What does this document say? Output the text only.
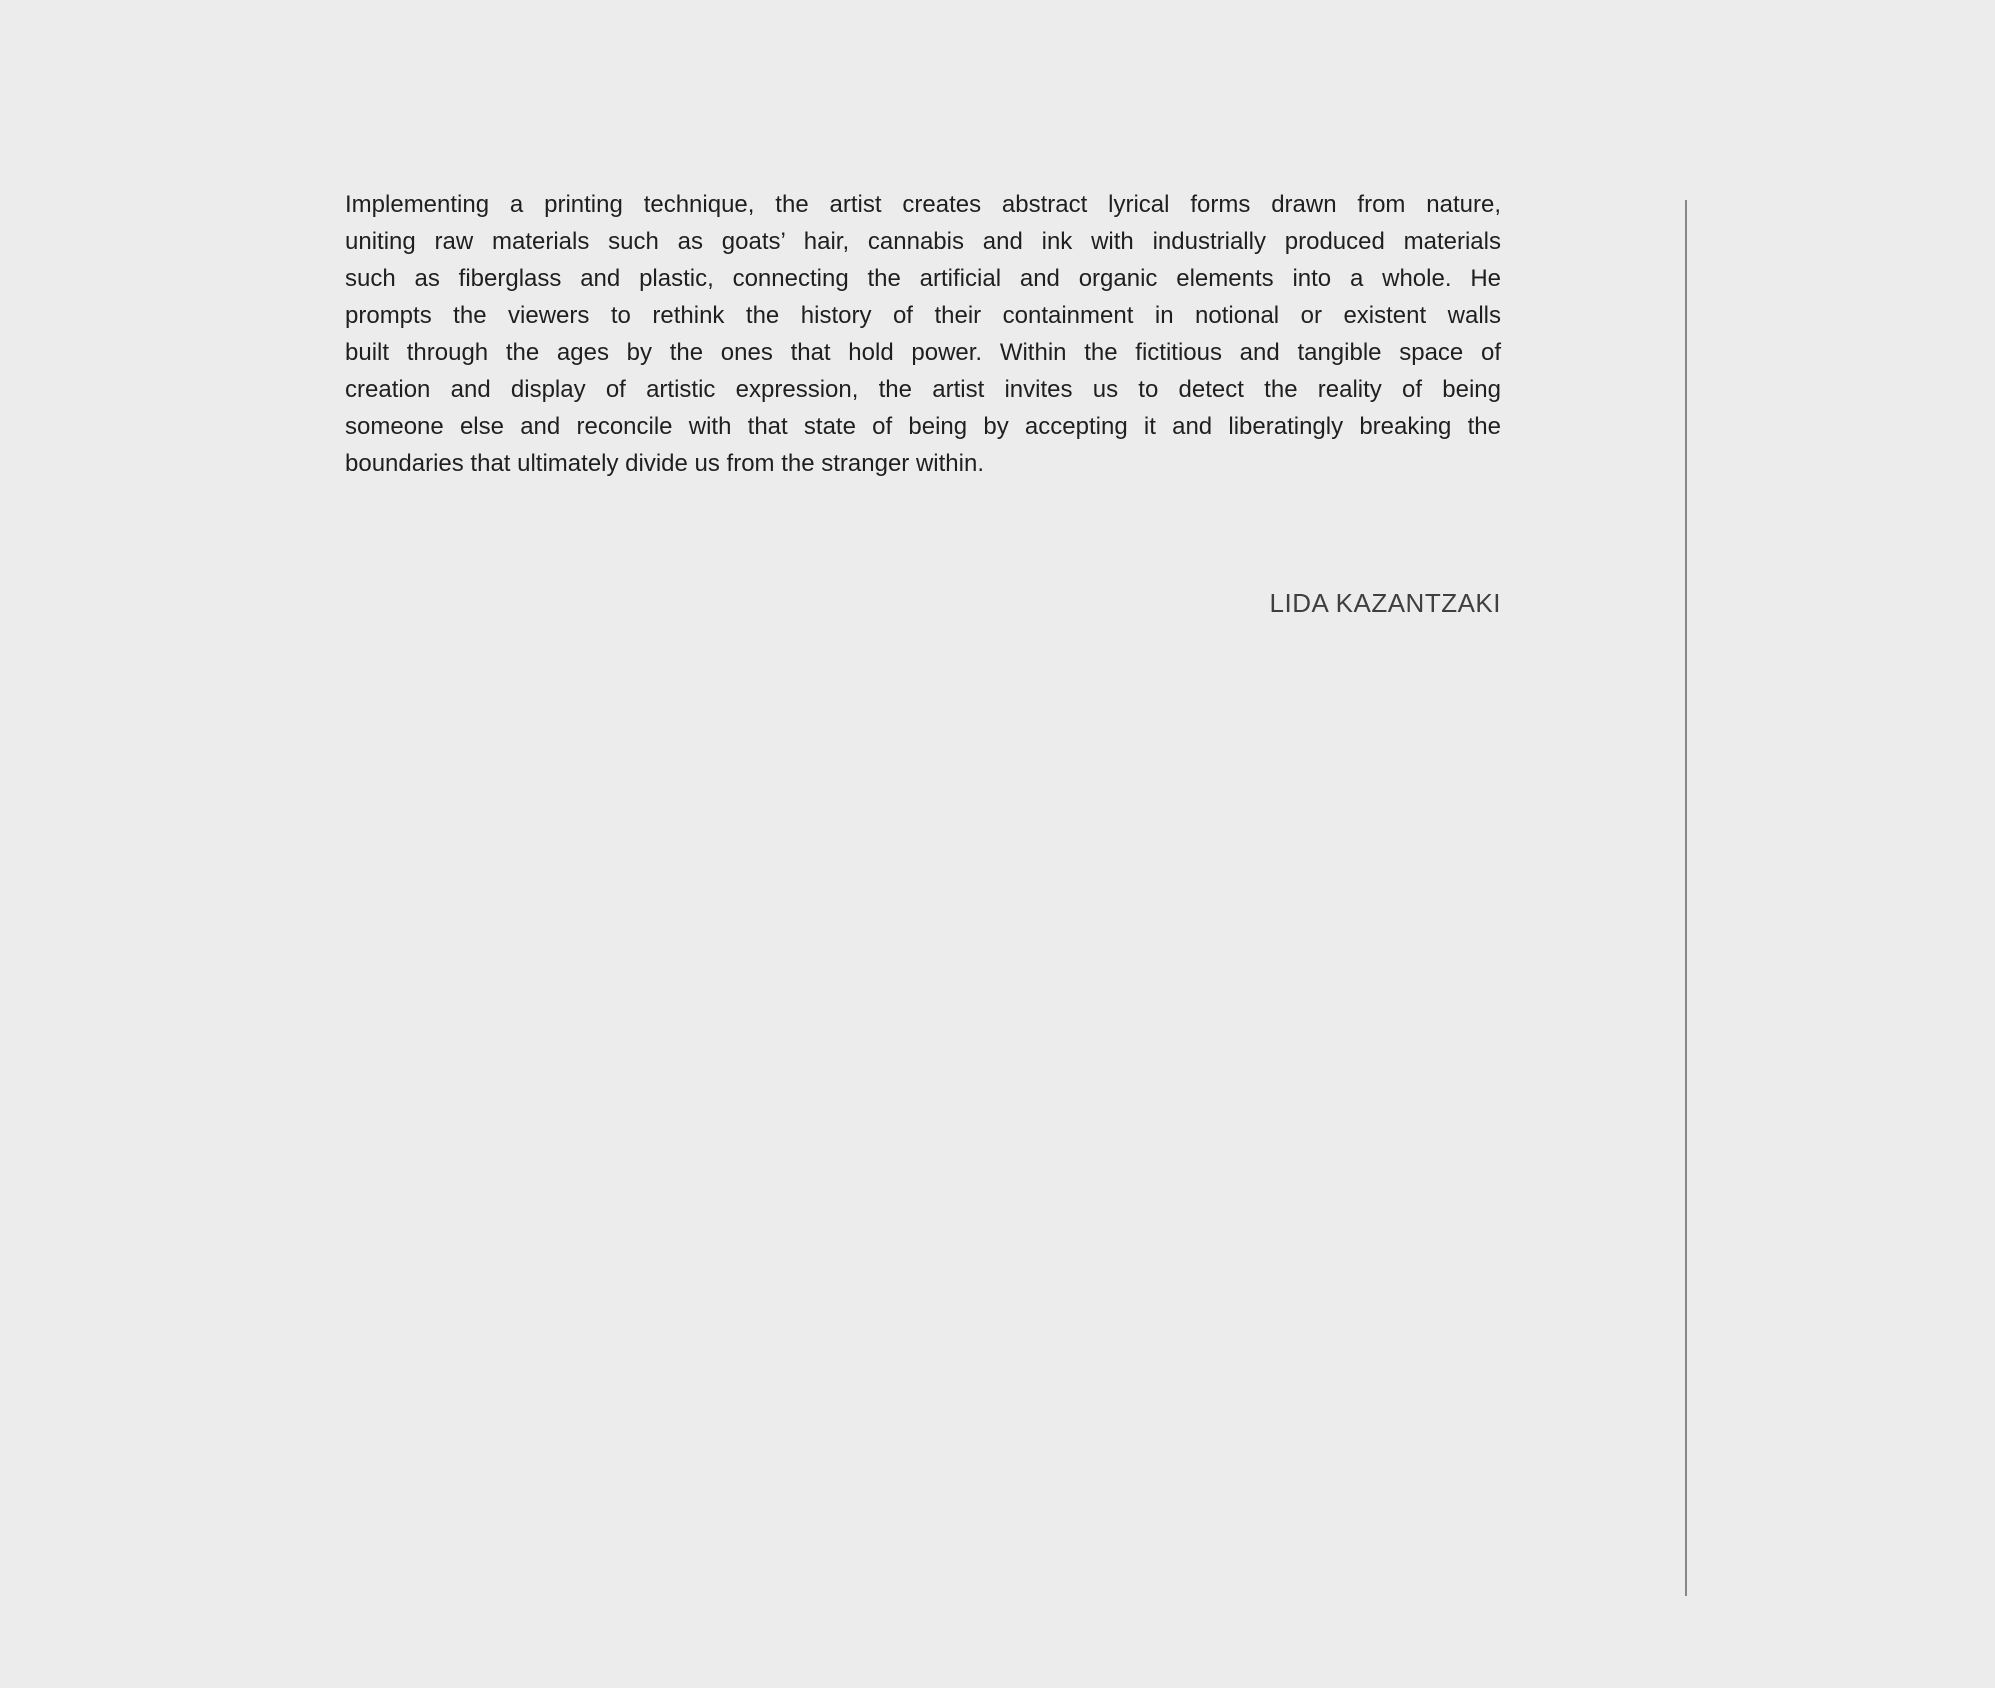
Implementing a printing technique, the artist creates abstract lyrical forms drawn from nature,
uniting raw materials such as goats’ hair, cannabis and ink with industrially produced materials
such as fiberglass and plastic, connecting the artificial and organic elements into a whole. He
prompts the viewers to rethink the history of their containment in notional or existent walls
built through the ages by the ones that hold power. Within the fictitious and tangible space of
creation and display of artistic expression, the artist invites us to detect the reality of being
someone else and reconcile with that state of being by accepting it and liberatingly breaking the
boundaries that ultimately divide us from the stranger within.
LIDA KAZANTZAKI
